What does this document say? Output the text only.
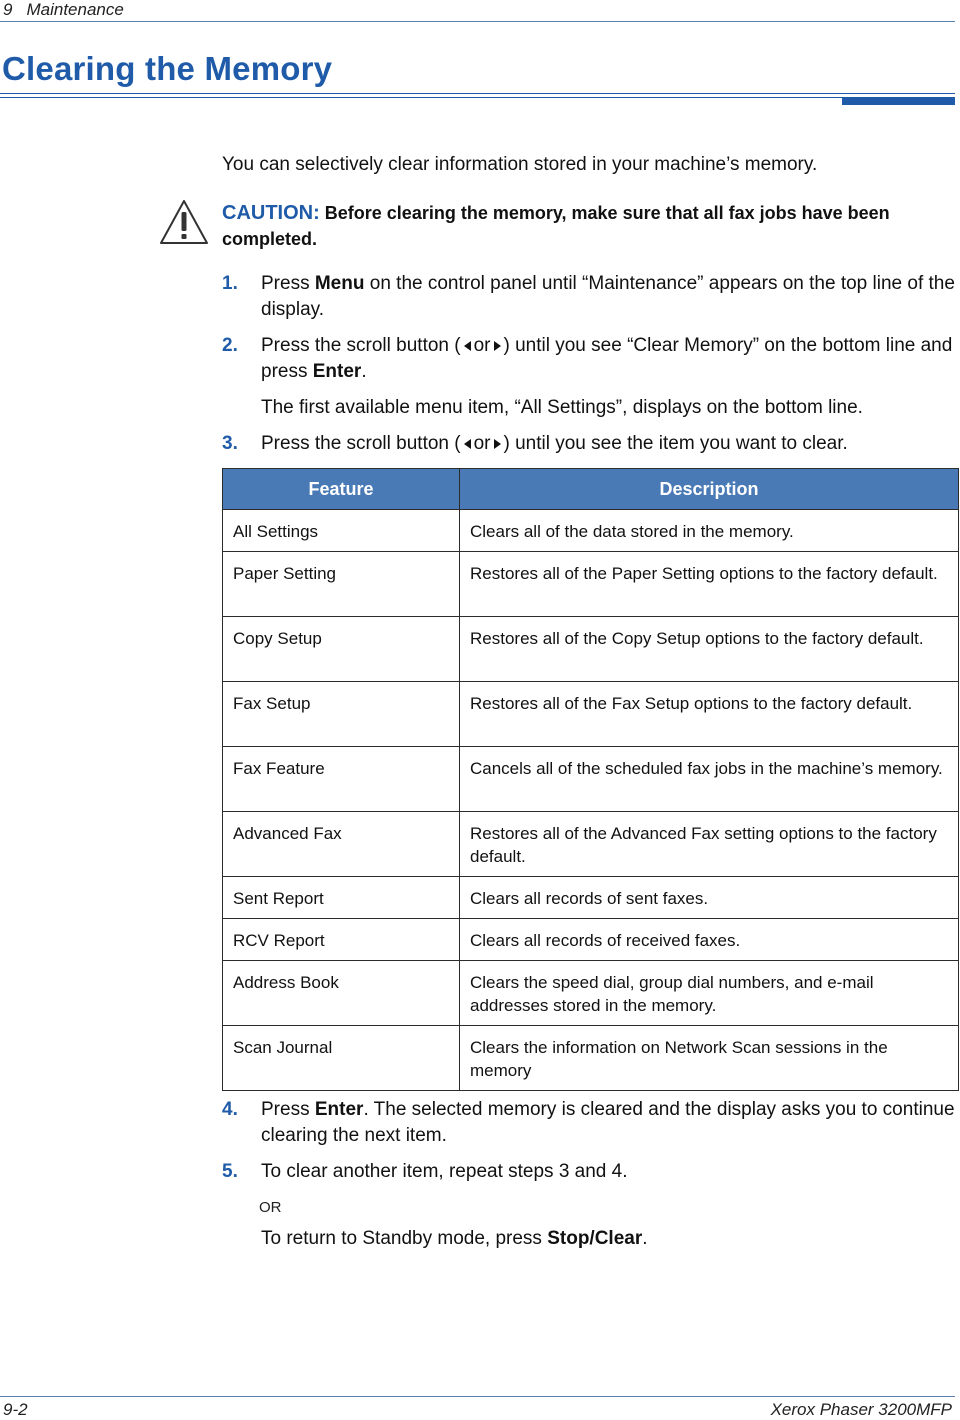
9 Maintenance
Clearing the Memory
You can selectively clear information stored in your machine’s memory.
CAUTION: Before clearing the memory, make sure that all fax jobs have been completed.
1. Press Menu on the control panel until “Maintenance” appears on the top line of the display.
2. Press the scroll button ( or ) until you see “Clear Memory” on the bottom line and press Enter.
The first available menu item, “All Settings”, displays on the bottom line.
3. Press the scroll button ( or ) until you see the item you want to clear.
Feature	Description
All Settings	Clears all of the data stored in the memory.
Paper Setting	Restores all of the Paper Setting options to the factory default.
Copy Setup	Restores all of the Copy Setup options to the factory default.
Fax Setup	Restores all of the Fax Setup options to the factory default.
Fax Feature	Cancels all of the scheduled fax jobs in the machine’s memory.
Advanced Fax	Restores all of the Advanced Fax setting options to the factory default.
Sent Report	Clears all records of sent faxes.
RCV Report	Clears all records of received faxes.
Address Book	Clears the speed dial, group dial numbers, and e-mail addresses stored in the memory.
Scan Journal	Clears the information on Network Scan sessions in the memory
4. Press Enter. The selected memory is cleared and the display asks you to continue clearing the next item.
5. To clear another item, repeat steps 3 and 4.
OR
To return to Standby mode, press Stop/Clear.
9-2	Xerox Phaser 3200MFP
